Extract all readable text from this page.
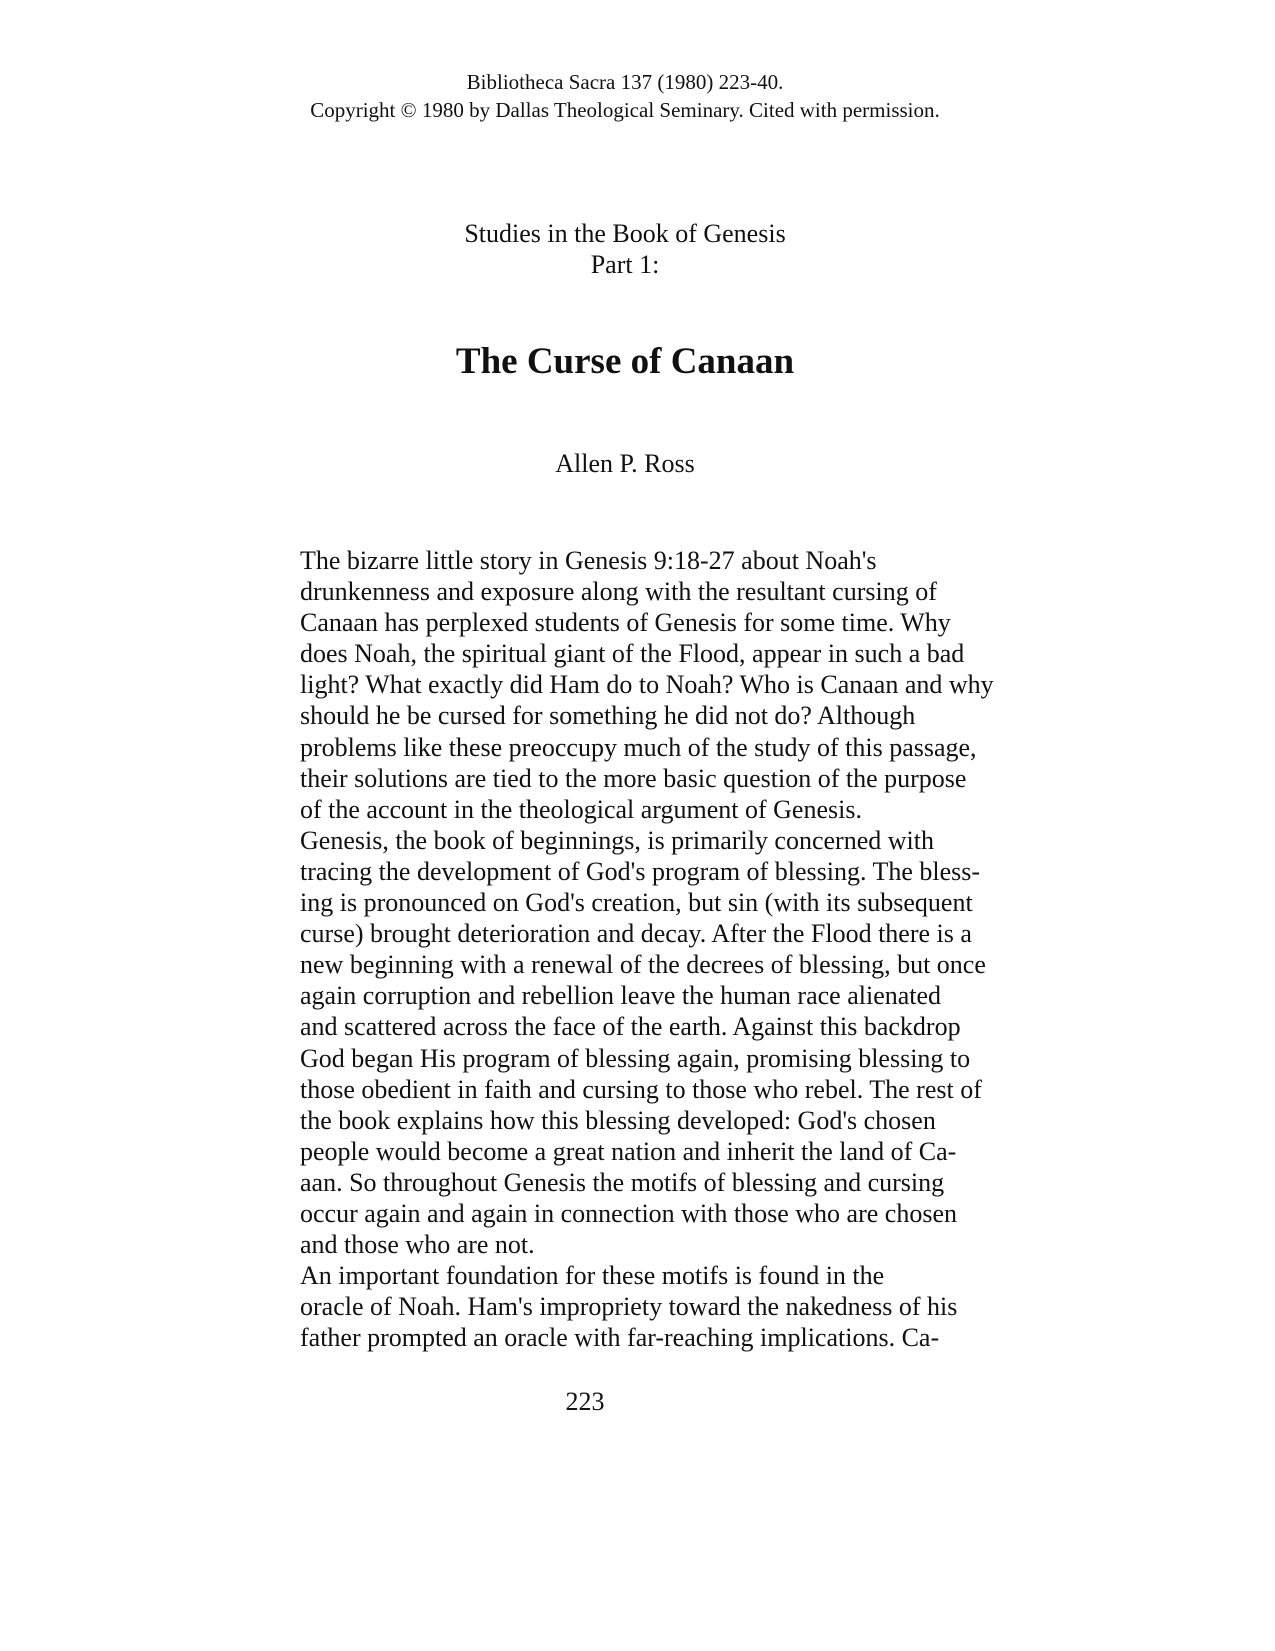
Bibliotheca Sacra 137 (1980) 223-40.
Copyright © 1980 by Dallas Theological Seminary. Cited with permission.
Studies in the Book of Genesis
Part 1:
The Curse of Canaan
Allen P. Ross

The bizarre little story in Genesis 9:18-27 about Noah's
drunkenness and exposure along with the resultant cursing of
Canaan has perplexed students of Genesis for some time. Why
does Noah, the spiritual giant of the Flood, appear in such a bad
light? What exactly did Ham do to Noah? Who is Canaan and why
should he be cursed for something he did not do? Although
problems like these preoccupy much of the study of this passage,
their solutions are tied to the more basic question of the purpose
of the account in the theological argument of Genesis.

Genesis, the book of beginnings, is primarily concerned with
tracing the development of God's program of blessing. The bless-
ing is pronounced on God's creation, but sin (with its subsequent
curse) brought deterioration and decay. After the Flood there is a
new beginning with a renewal of the decrees of blessing, but once
again corruption and rebellion leave the human race alienated
and scattered across the face of the earth. Against this backdrop
God began His program of blessing again, promising blessing to
those obedient in faith and cursing to those who rebel. The rest of
the book explains how this blessing developed: God's chosen
people would become a great nation and inherit the land of Ca-
aan. So throughout Genesis the motifs of blessing and cursing
occur again and again in connection with those who are chosen
and those who are not.

An important foundation for these motifs is found in the
oracle of Noah. Ham's impropriety toward the nakedness of his
father prompted an oracle with far-reaching implications. Ca-

223
